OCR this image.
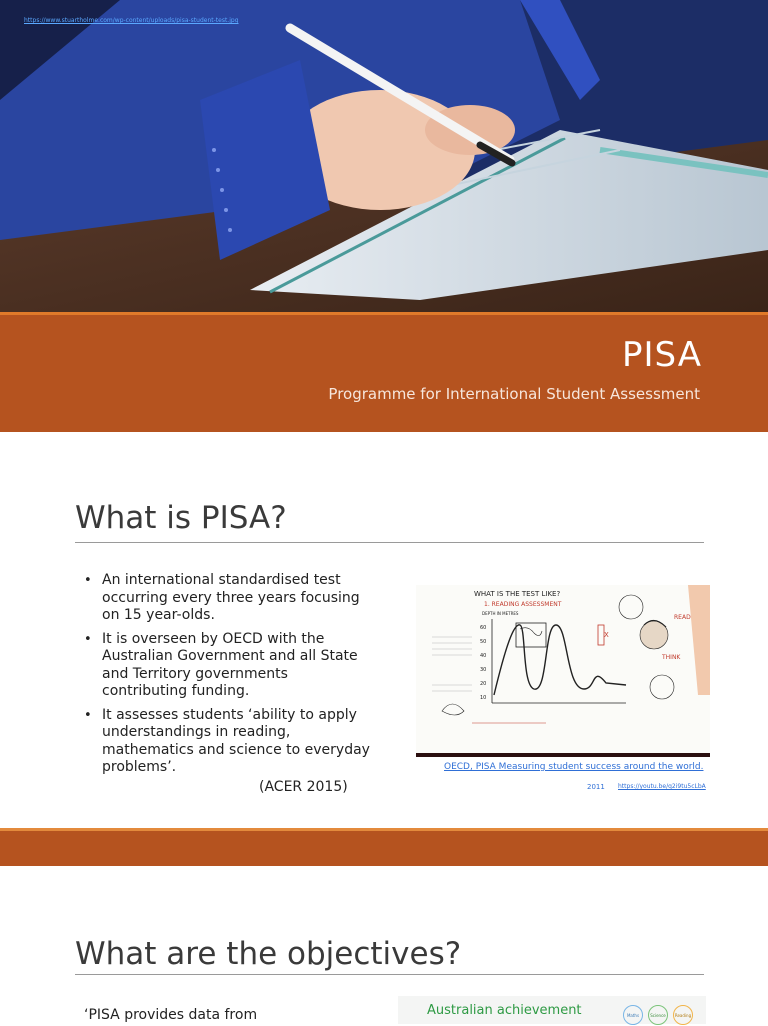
https://www.stuartholme.com/wp-content/uploads/pisa-student-test.jpg
PISA
Programme for International Student Assessment
What is PISA?
• An international standardised test occurring every three years focusing on 15 year-olds.
• It is overseen by OECD with the Australian Government and all State and Territory governments contributing funding.
• It assesses students ‘ability to apply understandings in reading, mathematics and science to everyday problems’.
(ACER 2015)
WHAT IS THE TEST LIKE?
1. READING ASSESSMENT
DEPTH IN METRES
60
50
40
30
20
10
X
THINK
READ
OECD, PISA Measuring student success around the world.
2011 https://youtu.be/q2i9tu5cLbA
What are the objectives?
‘PISA provides data from	Australian achievement	Maths	Science	Reading
